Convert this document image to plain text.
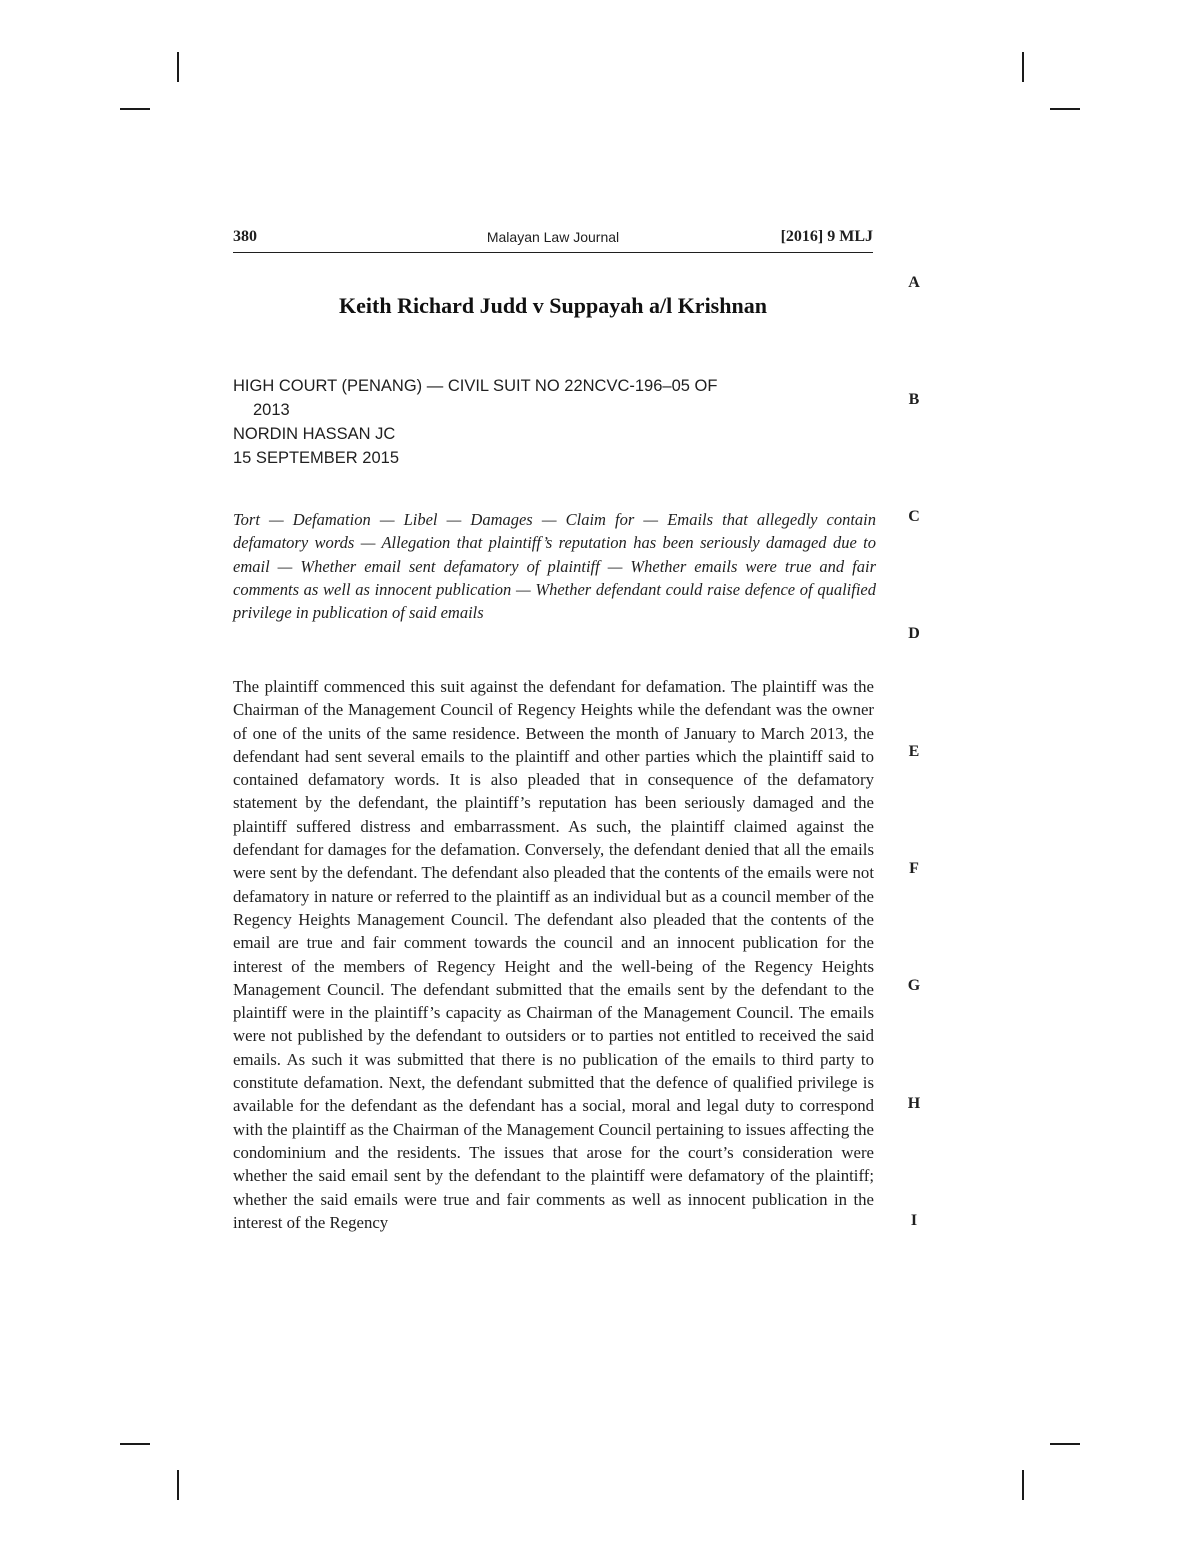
380	Malayan Law Journal	[2016] 9 MLJ
A
B
C
D
E
F
G
H
I
Keith Richard Judd v Suppayah a/l Krishnan
HIGH COURT (PENANG) — CIVIL SUIT NO 22NCVC-196–05 OF
2013
NORDIN HASSAN JC
15 SEPTEMBER 2015
Tort — Defamation — Libel — Damages — Claim for — Emails that allegedly contain defamatory words — Allegation that plaintiff’s reputation has been seriously damaged due to email — Whether email sent defamatory of plaintiff — Whether emails were true and fair comments as well as innocent publication — Whether defendant could raise defence of qualified privilege in publication of said emails
The plaintiff commenced this suit against the defendant for defamation. The plaintiff was the Chairman of the Management Council of Regency Heights while the defendant was the owner of one of the units of the same residence. Between the month of January to March 2013, the defendant had sent several emails to the plaintiff and other parties which the plaintiff said to contained defamatory words. It is also pleaded that in consequence of the defamatory statement by the defendant, the plaintiff’s reputation has been seriously damaged and the plaintiff suffered distress and embarrassment. As such, the plaintiff claimed against the defendant for damages for the defamation. Conversely, the defendant denied that all the emails were sent by the defendant. The defendant also pleaded that the contents of the emails were not defamatory in nature or referred to the plaintiff as an individual but as a council member of the Regency Heights Management Council. The defendant also pleaded that the contents of the email are true and fair comment towards the council and an innocent publication for the interest of the members of Regency Height and the well-being of the Regency Heights Management Council. The defendant submitted that the emails sent by the defendant to the plaintiff were in the plaintiff’s capacity as Chairman of the Management Council. The emails were not published by the defendant to outsiders or to parties not entitled to received the said emails. As such it was submitted that there is no publication of the emails to third party to constitute defamation. Next, the defendant submitted that the defence of qualified privilege is available for the defendant as the defendant has a social, moral and legal duty to correspond with the plaintiff as the Chairman of the Management Council pertaining to issues affecting the condominium and the residents. The issues that arose for the court’s consideration were whether the said email sent by the defendant to the plaintiff were defamatory of the plaintiff; whether the said emails were true and fair comments as well as innocent publication in the interest of the Regency
